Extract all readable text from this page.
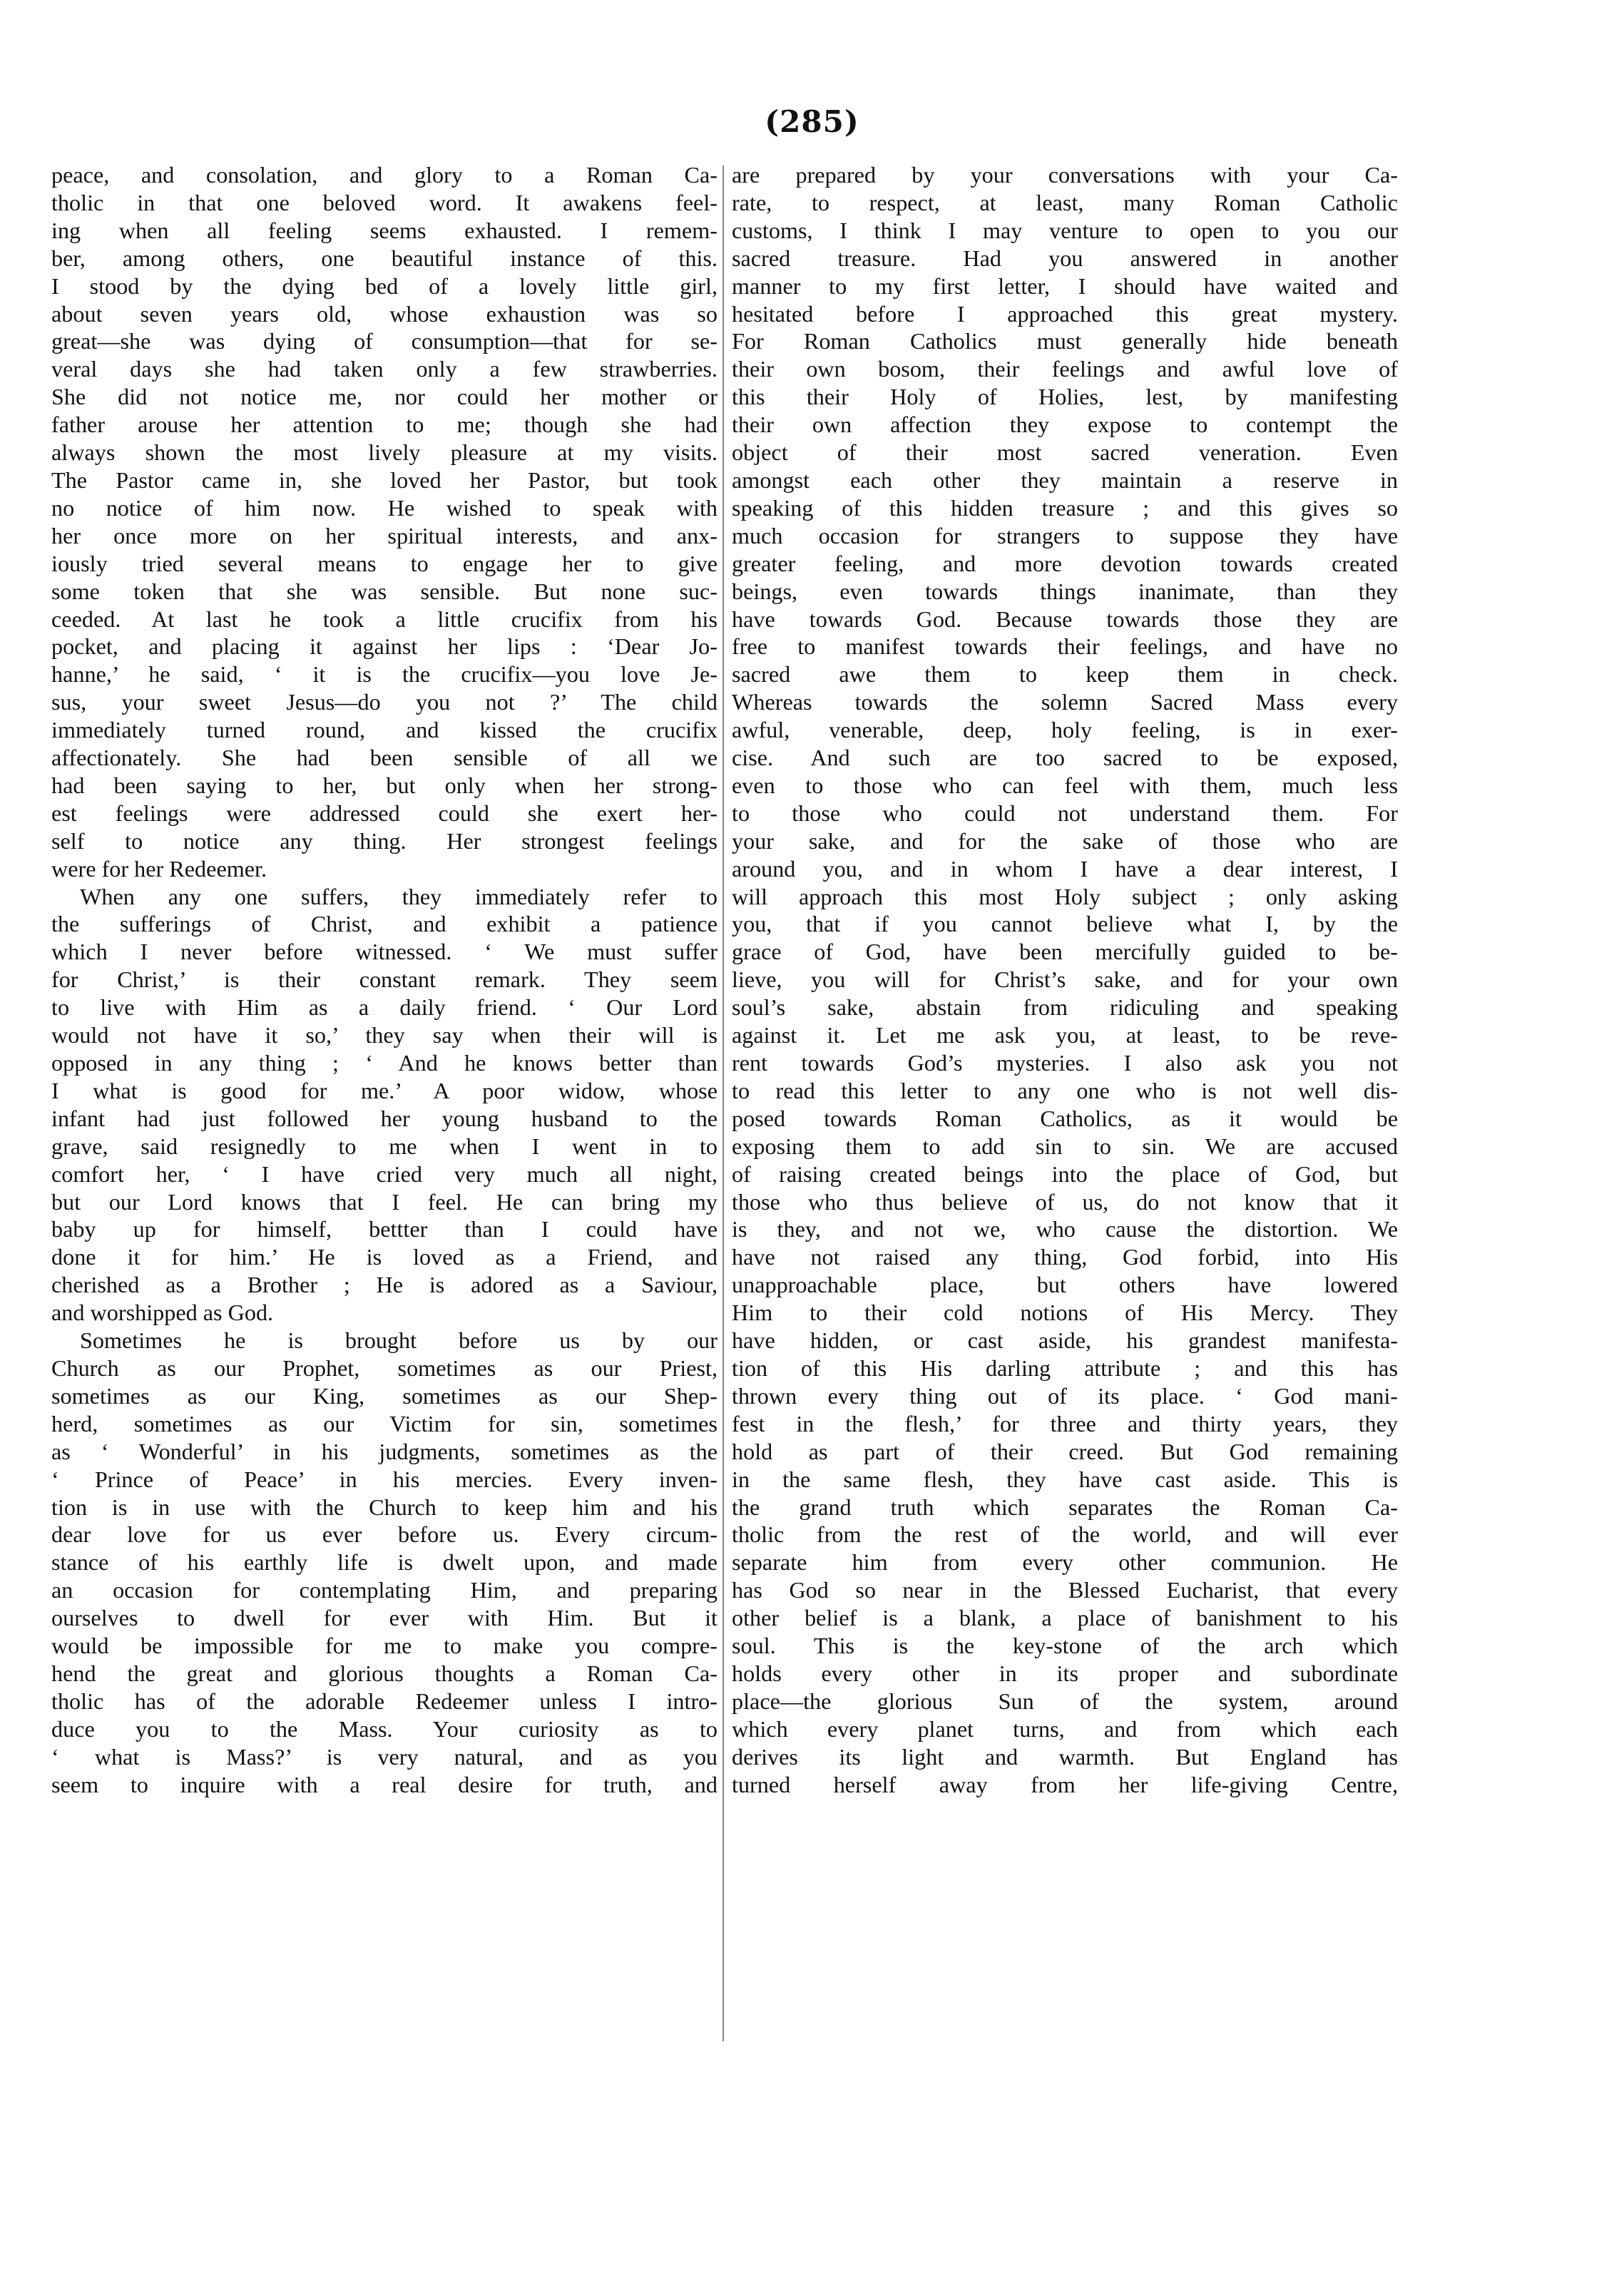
(285)
peace, and consolation, and glory to a Roman Ca-
tholic in that one beloved word. It awakens feel-
ing when all feeling seems exhausted. I remem-
ber, among others, one beautiful instance of this.
I stood by the dying bed of a lovely little girl,
about seven years old, whose exhaustion was so
great—she was dying of consumption—that for se-
veral days she had taken only a few strawberries.
She did not notice me, nor could her mother or
father arouse her attention to me; though she had
always shown the most lively pleasure at my visits.
The Pastor came in, she loved her Pastor, but took
no notice of him now. He wished to speak with
her once more on her spiritual interests, and anx-
iously tried several means to engage her to give
some token that she was sensible. But none suc-
ceeded. At last he took a little crucifix from his
pocket, and placing it against her lips : ‘Dear Jo-
hanne,’ he said, ‘ it is the crucifix—you love Je-
sus, your sweet Jesus—do you not ?’ The child
immediately turned round, and kissed the crucifix
affectionately. She had been sensible of all we
had been saying to her, but only when her strong-
est feelings were addressed could she exert her-
self to notice any thing. Her strongest feelings
were for her Redeemer.
When any one suffers, they immediately refer to
the sufferings of Christ, and exhibit a patience
which I never before witnessed. ‘ We must suffer
for Christ,’ is their constant remark. They seem
to live with Him as a daily friend. ‘ Our Lord
would not have it so,’ they say when their will is
opposed in any thing ; ‘ And he knows better than
I what is good for me.’ A poor widow, whose
infant had just followed her young husband to the
grave, said resignedly to me when I went in to
comfort her, ‘ I have cried very much all night,
but our Lord knows that I feel. He can bring my
baby up for himself, bettter than I could have
done it for him.’ He is loved as a Friend, and
cherished as a Brother ; He is adored as a Saviour,
and worshipped as God.
Sometimes he is brought before us by our
Church as our Prophet, sometimes as our Priest,
sometimes as our King, sometimes as our Shep-
herd, sometimes as our Victim for sin, sometimes
as ‘ Wonderful’ in his judgments, sometimes as the
‘ Prince of Peace’ in his mercies. Every inven-
tion is in use with the Church to keep him and his
dear love for us ever before us. Every circum-
stance of his earthly life is dwelt upon, and made
an occasion for contemplating Him, and preparing
ourselves to dwell for ever with Him. But it
would be impossible for me to make you compre-
hend the great and glorious thoughts a Roman Ca-
tholic has of the adorable Redeemer unless I intro-
duce you to the Mass. Your curiosity as to
‘ what is Mass?’ is very natural, and as you
seem to inquire with a real desire for truth, and
are prepared by your conversations with your Ca-
rate, to respect, at least, many Roman Catholic
customs, I think I may venture to open to you our
sacred treasure. Had you answered in another
manner to my first letter, I should have waited and
hesitated before I approached this great mystery.
For Roman Catholics must generally hide beneath
their own bosom, their feelings and awful love of
this their Holy of Holies, lest, by manifesting
their own affection they expose to contempt the
object of their most sacred veneration. Even
amongst each other they maintain a reserve in
speaking of this hidden treasure ; and this gives so
much occasion for strangers to suppose they have
greater feeling, and more devotion towards created
beings, even towards things inanimate, than they
have towards God. Because towards those they are
free to manifest towards their feelings, and have no
sacred awe them to keep them in check.
Whereas towards the solemn Sacred Mass every
awful, venerable, deep, holy feeling, is in exer-
cise. And such are too sacred to be exposed,
even to those who can feel with them, much less
to those who could not understand them. For
your sake, and for the sake of those who are
around you, and in whom I have a dear interest, I
will approach this most Holy subject ; only asking
you, that if you cannot believe what I, by the
grace of God, have been mercifully guided to be-
lieve, you will for Christ’s sake, and for your own
soul’s sake, abstain from ridiculing and speaking
against it. Let me ask you, at least, to be reve-
rent towards God’s mysteries. I also ask you not
to read this letter to any one who is not well dis-
posed towards Roman Catholics, as it would be
exposing them to add sin to sin. We are accused
of raising created beings into the place of God, but
those who thus believe of us, do not know that it
is they, and not we, who cause the distortion. We
have not raised any thing, God forbid, into His
unapproachable place, but others have lowered
Him to their cold notions of His Mercy. They
have hidden, or cast aside, his grandest manifesta-
tion of this His darling attribute ; and this has
thrown every thing out of its place. ‘ God mani-
fest in the flesh,’ for three and thirty years, they
hold as part of their creed. But God remaining
in the same flesh, they have cast aside. This is
the grand truth which separates the Roman Ca-
tholic from the rest of the world, and will ever
separate him from every other communion. He
has God so near in the Blessed Eucharist, that every
other belief is a blank, a place of banishment to his
soul. This is the key-stone of the arch which
holds every other in its proper and subordinate
place—the glorious Sun of the system, around
which every planet turns, and from which each
derives its light and warmth. But England has
turned herself away from her life-giving Centre,
